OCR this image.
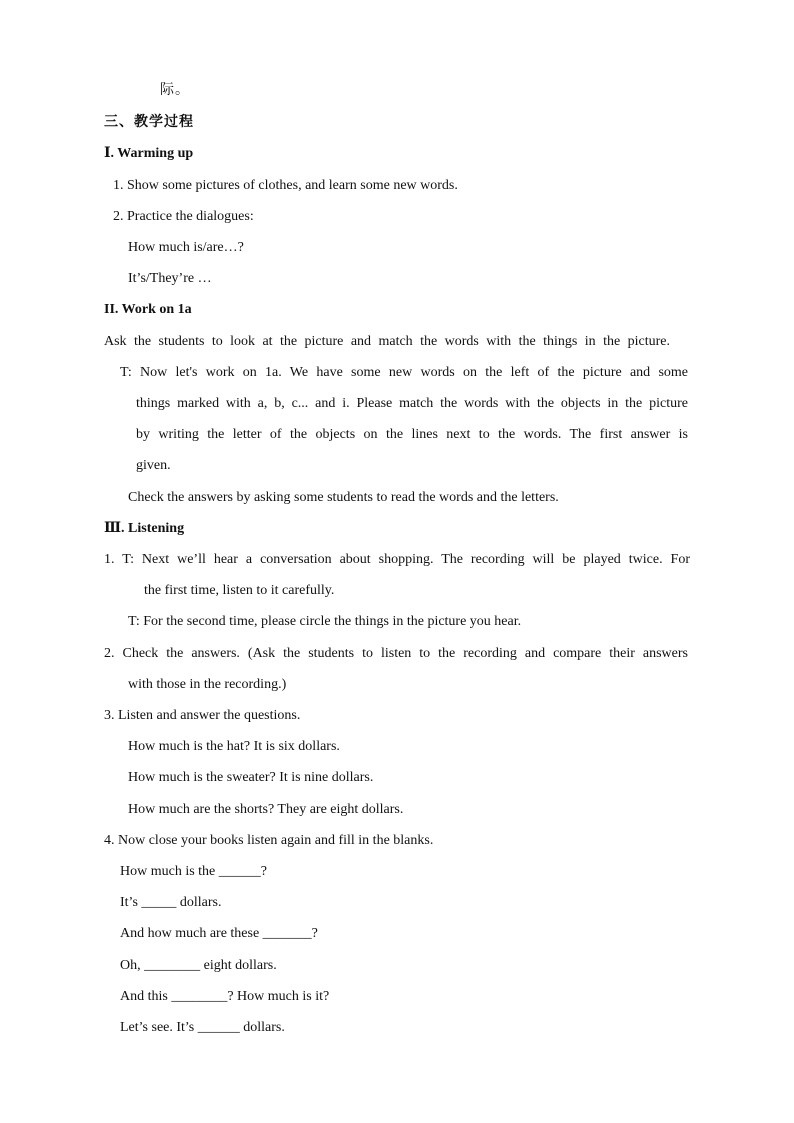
际。
三、教学过程
Ⅰ. Warming up
1. Show some pictures of clothes, and learn some new words.
2. Practice the dialogues:
How much is/are…?
It’s/They’re …
II. Work on 1a
Ask the students to look at the picture and match the words with the things in the picture.
T: Now let's work on 1a. We have some new words on the left of the picture and some
things marked with a, b, c... and i. Please match the words with the objects in the picture
by writing the letter of the objects on the lines next to the words. The first answer is
given.
Check the answers by asking some students to read the words and the letters.
Ⅲ. Listening
1. T: Next we’ll hear a conversation about shopping. The recording will be played twice. For
the first time, listen to it carefully.
T: For the second time, please circle the things in the picture you hear.
2. Check the answers. (Ask the students to listen to the recording and compare their answers
with those in the recording.)
3. Listen and answer the questions.
How much is the hat? It is six dollars.
How much is the sweater? It is nine dollars.
How much are the shorts? They are eight dollars.
4. Now close your books listen again and fill in the blanks.
How much is the ______?
It’s _____ dollars.
And how much are these _______?
Oh, ________ eight dollars.
And this ________? How much is it?
Let’s see. It’s ______ dollars.
